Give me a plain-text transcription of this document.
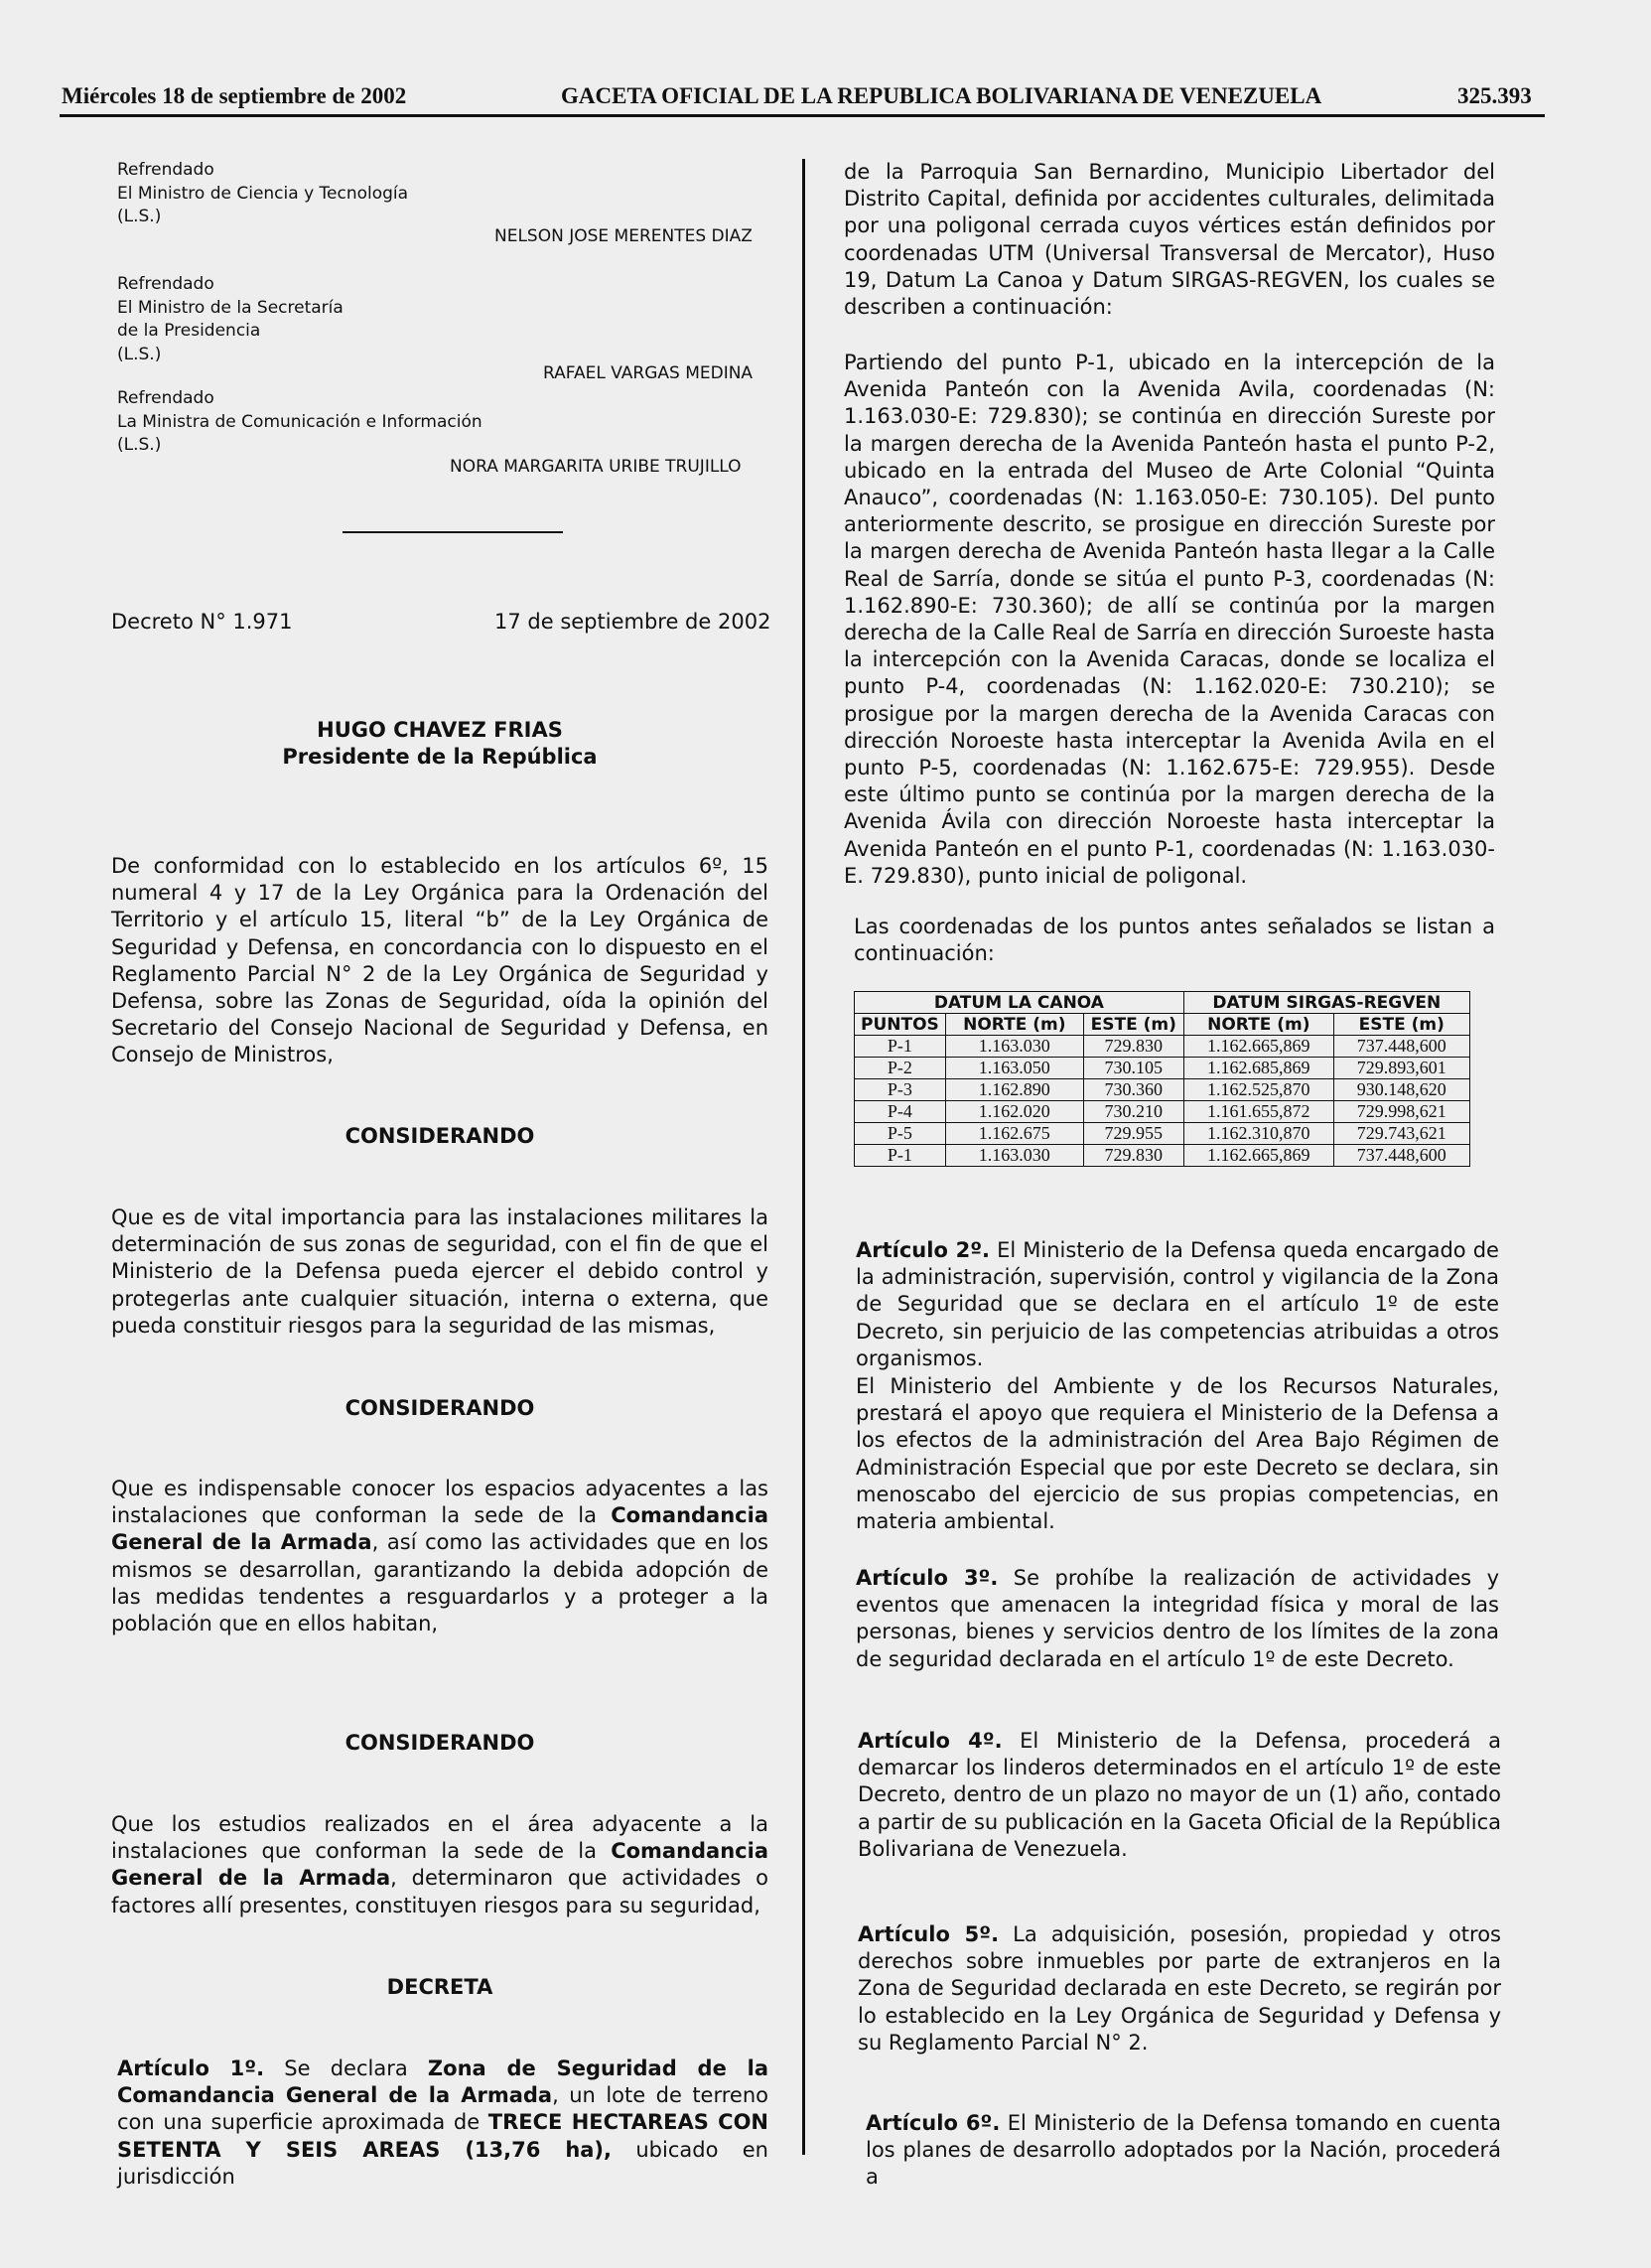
Miércoles 18 de septiembre de 2002	GACETA OFICIAL DE LA REPUBLICA BOLIVARIANA DE VENEZUELA	325.393
Refrendado
El Ministro de Ciencia y Tecnología
(L.S.)
NELSON JOSE MERENTES DIAZ
Refrendado
El Ministro de la Secretaría
de la Presidencia
(L.S.)
RAFAEL VARGAS MEDINA
Refrendado
La Ministra de Comunicación e Información
(L.S.)
NORA MARGARITA URIBE TRUJILLO
Decreto N° 1.971	17 de septiembre de 2002
HUGO CHAVEZ FRIAS
Presidente de la República

De conformidad con lo establecido en los artículos 6º, 15 numeral 4 y 17 de la Ley Orgánica para la Ordenación del Territorio y el artículo 15, literal “b” de la Ley Orgánica de Seguridad y Defensa, en concordancia con lo dispuesto en el Reglamento Parcial N° 2 de la Ley Orgánica de Seguridad y Defensa, sobre las Zonas de Seguridad, oída la opinión del Secretario del Consejo Nacional de Seguridad y Defensa, en Consejo de Ministros,

CONSIDERANDO

Que es de vital importancia para las instalaciones militares la determinación de sus zonas de seguridad, con el fin de que el Ministerio de la Defensa pueda ejercer el debido control y protegerlas ante cualquier situación, interna o externa, que pueda constituir riesgos para la seguridad de las mismas,

CONSIDERANDO

Que es indispensable conocer los espacios adyacentes a las instalaciones que conforman la sede de la Comandancia General de la Armada, así como las actividades que en los mismos se desarrollan, garantizando la debida adopción de las medidas tendentes a resguardarlos y a proteger a la población que en ellos habitan,

CONSIDERANDO

Que los estudios realizados en el área adyacente a la instalaciones que conforman la sede de la Comandancia General de la Armada, determinaron que actividades o factores allí presentes, constituyen riesgos para su seguridad,

DECRETA

Artículo 1º. Se declara Zona de Seguridad de la Comandancia General de la Armada, un lote de terreno con una superficie aproximada de TRECE HECTAREAS CON SETENTA Y SEIS AREAS (13,76 ha), ubicado en jurisdicción

de la Parroquia San Bernardino, Municipio Libertador del Distrito Capital, definida por accidentes culturales, delimitada por una poligonal cerrada cuyos vértices están definidos por coordenadas UTM (Universal Transversal de Mercator), Huso 19, Datum La Canoa y Datum SIRGAS-REGVEN, los cuales se describen a continuación:

Partiendo del punto P-1, ubicado en la intercepción de la Avenida Panteón con la Avenida Avila, coordenadas (N: 1.163.030-E: 729.830); se continúa en dirección Sureste por la margen derecha de la Avenida Panteón hasta el punto P-2, ubicado en la entrada del Museo de Arte Colonial “Quinta Anauco”, coordenadas (N: 1.163.050-E: 730.105). Del punto anteriormente descrito, se prosigue en dirección Sureste por la margen derecha de Avenida Panteón hasta llegar a la Calle Real de Sarría, donde se sitúa el punto P-3, coordenadas (N: 1.162.890-E: 730.360); de allí se continúa por la margen derecha de la Calle Real de Sarría en dirección Suroeste hasta la intercepción con la Avenida Caracas, donde se localiza el punto P-4, coordenadas (N: 1.162.020-E: 730.210); se prosigue por la margen derecha de la Avenida Caracas con dirección Noroeste hasta interceptar la Avenida Avila en el punto P-5, coordenadas (N: 1.162.675-E: 729.955). Desde este último punto se continúa por la margen derecha de la Avenida Ávila con dirección Noroeste hasta interceptar la Avenida Panteón en el punto P-1, coordenadas (N: 1.163.030-E. 729.830), punto inicial de poligonal.

Las coordenadas de los puntos antes señalados se listan a continuación:

DATUM LA CANOA			DATUM SIRGAS-REGVEN	
PUNTOS	NORTE (m)	ESTE (m)	NORTE (m)	ESTE (m)
P-1	1.163.030	729.830	1.162.665,869	737.448,600
P-2	1.163.050	730.105	1.162.685,869	729.893,601
P-3	1.162.890	730.360	1.162.525,870	930.148,620
P-4	1.162.020	730.210	1.161.655,872	729.998,621
P-5	1.162.675	729.955	1.162.310,870	729.743,621
P-1	1.163.030	729.830	1.162.665,869	737.448,600

Artículo 2º. El Ministerio de la Defensa queda encargado de la administración, supervisión, control y vigilancia de la Zona de Seguridad que se declara en el artículo 1º de este Decreto, sin perjuicio de las competencias atribuidas a otros organismos.

El Ministerio del Ambiente y de los Recursos Naturales, prestará el apoyo que requiera el Ministerio de la Defensa a los efectos de la administración del Area Bajo Régimen de Administración Especial que por este Decreto se declara, sin menoscabo del ejercicio de sus propias competencias, en materia ambiental.

Artículo 3º. Se prohíbe la realización de actividades y eventos que amenacen la integridad física y moral de las personas, bienes y servicios dentro de los límites de la zona de seguridad declarada en el artículo 1º de este Decreto.

Artículo 4º. El Ministerio de la Defensa, procederá a demarcar los linderos determinados en el artículo 1º de este Decreto, dentro de un plazo no mayor de un (1) año, contado a partir de su publicación en la Gaceta Oficial de la República Bolivariana de Venezuela.

Artículo 5º. La adquisición, posesión, propiedad y otros derechos sobre inmuebles por parte de extranjeros en la Zona de Seguridad declarada en este Decreto, se regirán por lo establecido en la Ley Orgánica de Seguridad y Defensa y su Reglamento Parcial N° 2.

Artículo 6º. El Ministerio de la Defensa tomando en cuenta los planes de desarrollo adoptados por la Nación, procederá a
